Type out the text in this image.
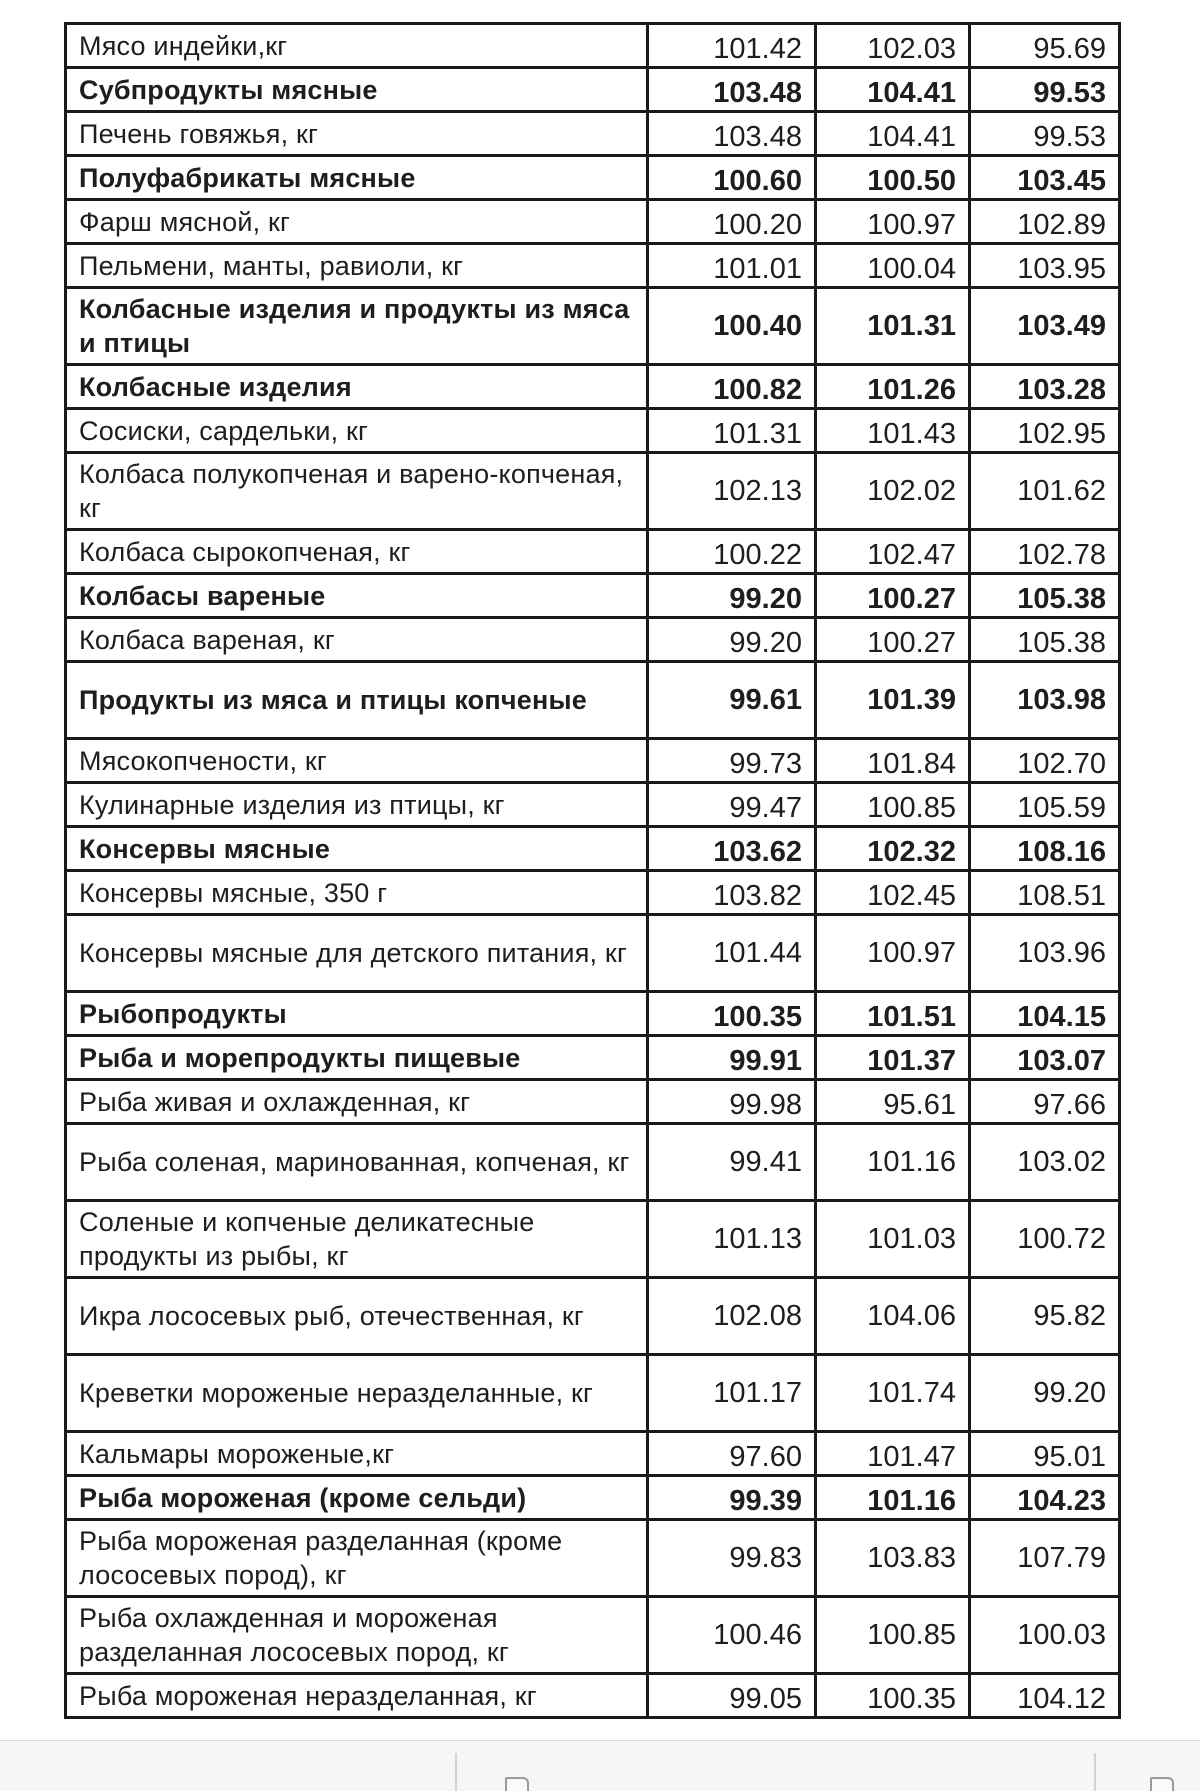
Мясо индейки,кг	101.42	102.03	95.69
Субпродукты мясные	103.48	104.41	99.53
Печень говяжья, кг	103.48	104.41	99.53
Полуфабрикаты мясные	100.60	100.50	103.45
Фарш мясной, кг	100.20	100.97	102.89
Пельмени, манты, равиоли, кг	101.01	100.04	103.95
Колбасные изделия и продукты из мяса и птицы	100.40	101.31	103.49
Колбасные изделия	100.82	101.26	103.28
Сосиски, сардельки, кг	101.31	101.43	102.95
Колбаса полукопченая и варено-копченая, кг	102.13	102.02	101.62
Колбаса сырокопченая, кг	100.22	102.47	102.78
Колбасы вареные	99.20	100.27	105.38
Колбаса вареная, кг	99.20	100.27	105.38
Продукты из мяса и птицы копченые	99.61	101.39	103.98
Мясокопчености, кг	99.73	101.84	102.70
Кулинарные изделия из птицы, кг	99.47	100.85	105.59
Консервы мясные	103.62	102.32	108.16
Консервы мясные, 350 г	103.82	102.45	108.51
Консервы мясные для детского питания, кг	101.44	100.97	103.96
Рыбопродукты	100.35	101.51	104.15
Рыба и морепродукты пищевые	99.91	101.37	103.07
Рыба живая и охлажденная, кг	99.98	95.61	97.66
Рыба соленая, маринованная, копченая, кг	99.41	101.16	103.02
Соленые и копченые деликатесные продукты из рыбы, кг	101.13	101.03	100.72
Икра лососевых рыб, отечественная, кг	102.08	104.06	95.82
Креветки мороженые неразделанные, кг	101.17	101.74	99.20
Кальмары мороженые,кг	97.60	101.47	95.01
Рыба мороженая (кроме сельди)	99.39	101.16	104.23
Рыба мороженая разделанная (кроме лососевых пород), кг	99.83	103.83	107.79
Рыба охлажденная и мороженая разделанная лососевых пород, кг	100.46	100.85	100.03
Рыба мороженая неразделанная, кг	99.05	100.35	104.12
